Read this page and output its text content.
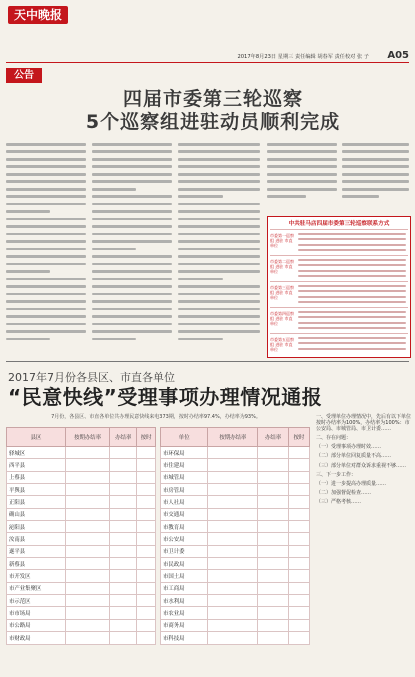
天中晚报
2017年8月23日 星期三 责任编辑 胡春军 责任校对 张 子 A05
公告
四届市委第三轮巡察
5个巡察组进驻动员顺利完成
中共驻马店四届市委第三轮巡察联系方式
市委第一巡察组 进驻 市直单位
市委第二巡察组 进驻 市直单位
市委第三巡察组 进驻 市直单位
市委第四巡察组 进驻 市直单位
市委第五巡察组 进驻 市直单位
2017年7月份各县区、市直各单位
“民意快线”受理事项办理情况通报
7月份，各县区、市直各单位共办理民意快线来电373期，按时办结率97.4%，办结率为93%。
县区	按期办结率	办结率	按时
驿城区			
西平县			
上蔡县			
平舆县			
正阳县			
确山县			
泌阳县			
汝南县			
遂平县			
新蔡县			
市开发区			
市产业集聚区			
市示范区			
市市场局			
市公路局			
市财政局			
单位	按期办结率	办结率	按时
市环保局			
市住建局			
市城管局			
市房管局			
市人社局			
市交通局			
市教育局			
市公安局			
市卫计委			
市民政局			
市国土局			
市工商局			
市水利局			
市农业局			
市商务局			
市科技局			

一、受理单位办理情况中，先后有以下单位按时办结率为100%，办结率为100%：市公安局、市城管局、市卫计委……

二、存在问题：

（一）受理事项办理时效……

（二）部分单位回复质量不高……

（三）部分单位对群众诉求重视不够……

三、下一步工作：

（一）进一步提高办理质量……

（二）加强督促检查……

（三）严格考核……
